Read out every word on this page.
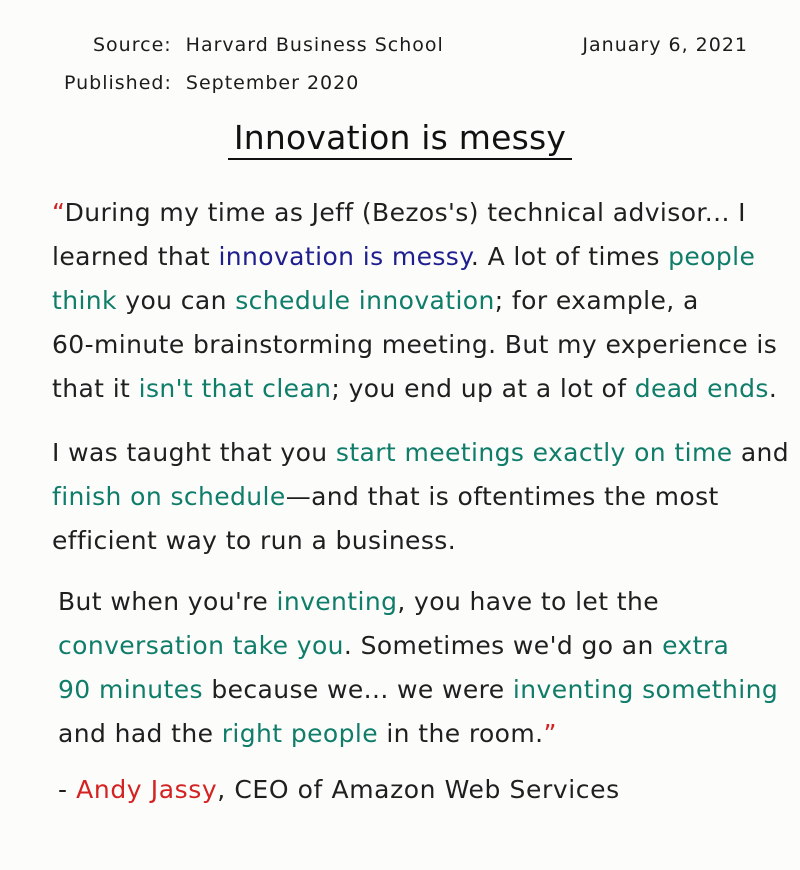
Source: Harvard Business School
Published: September 2020
January 6, 2021
Innovation is messy
“During my time as Jeff (Bezos's) technical advisor... I
learned that innovation is messy. A lot of times people
think you can schedule innovation; for example, a
60-minute brainstorming meeting. But my experience is
that it isn't that clean; you end up at a lot of dead ends.
I was taught that you start meetings exactly on time and
finish on schedule—and that is oftentimes the most
efficient way to run a business.
But when you're inventing, you have to let the
conversation take you. Sometimes we'd go an extra
90 minutes because we... we were inventing something
and had the right people in the room.”
- Andy Jassy, CEO of Amazon Web Services
